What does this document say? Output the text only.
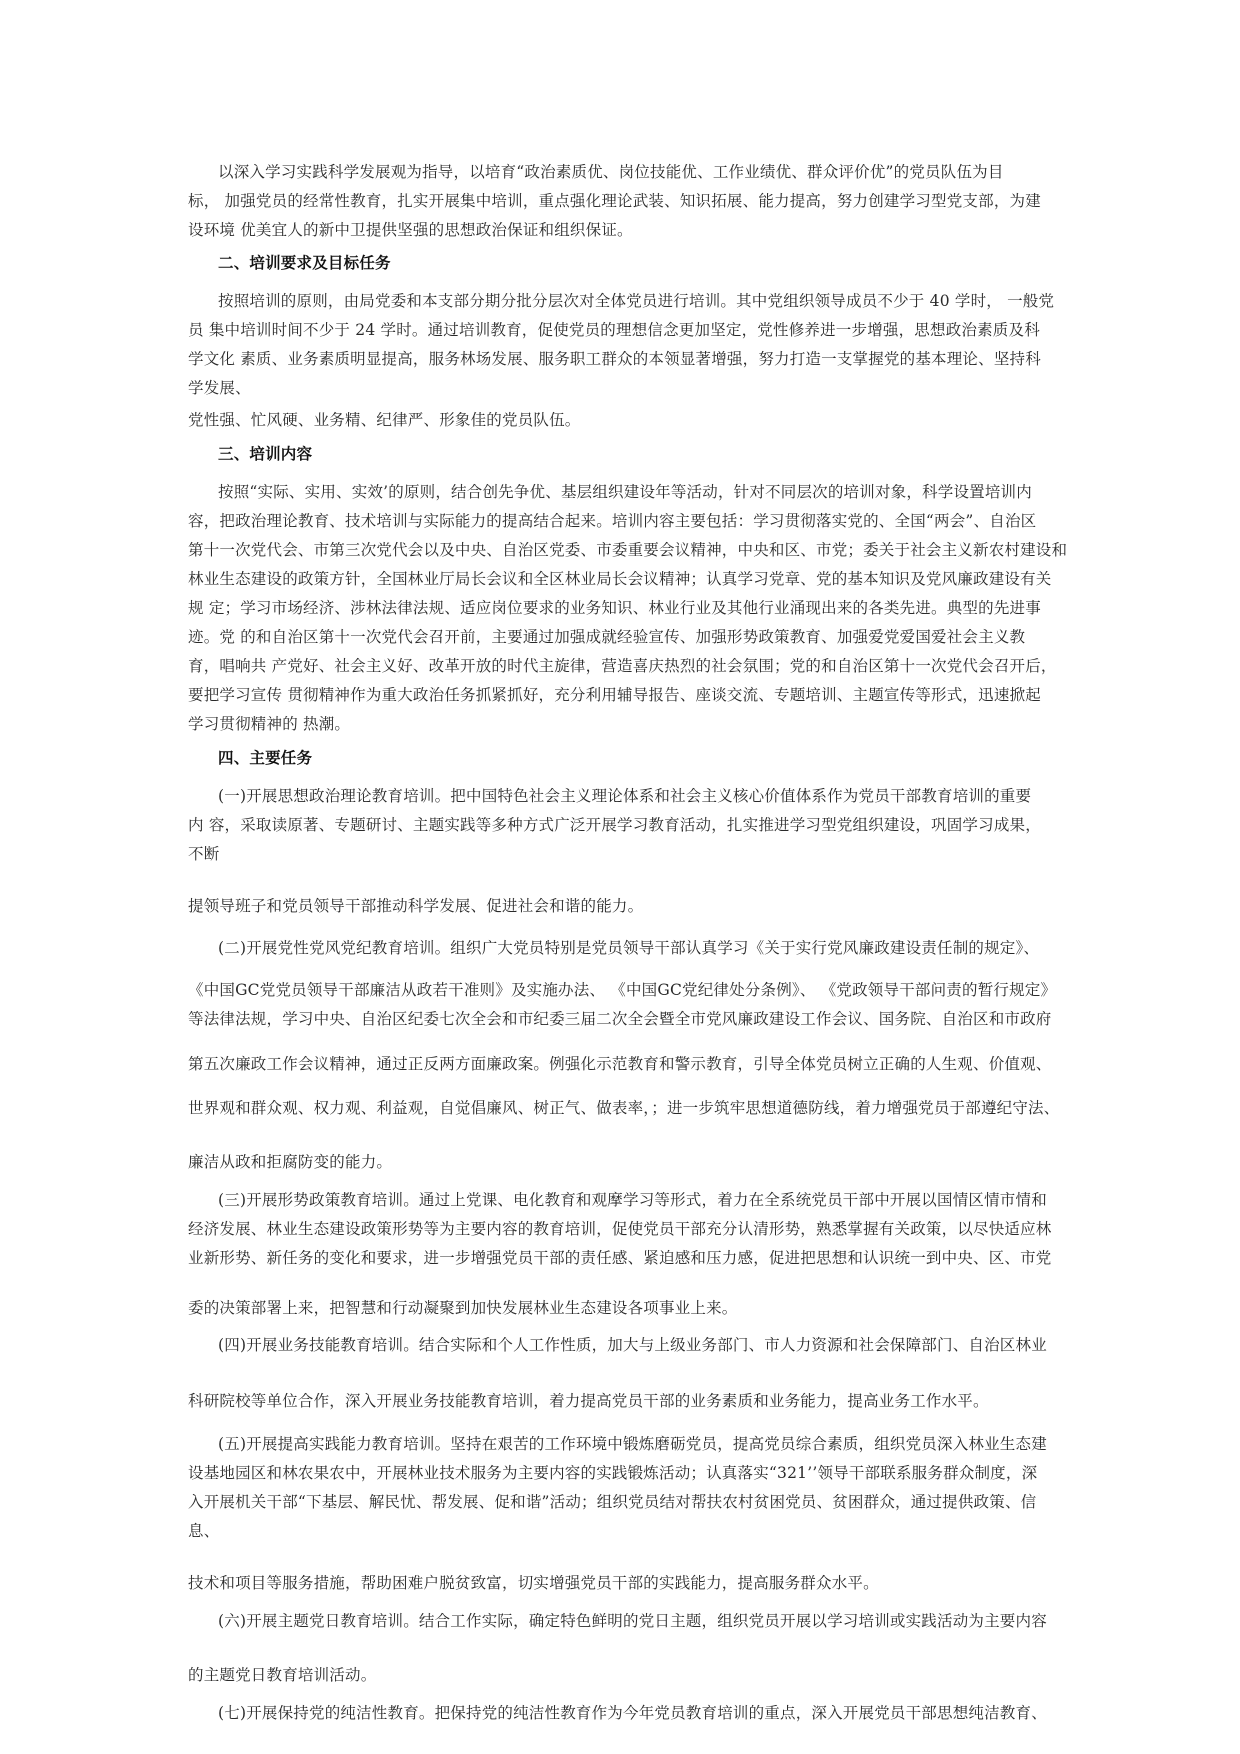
以深入学习实践科学发展观为指导，以培育“政治素质优、岗位技能优、工作业绩优、群众评价优”的党员队伍为目
标， 加强党员的经常性教育，扎实开展集中培训，重点强化理论武装、知识拓展、能力提高，努力创建学习型党支部，为建
设环境 优美宜人的新中卫提供坚强的思想政治保证和组织保证。
二、培训要求及目标任务
按照培训的原则，由局党委和本支部分期分批分层次对全体党员进行培训。其中党组织领导成员不少于 40 学时， 一般党
员 集中培训时间不少于 24 学时。通过培训教育，促使党员的理想信念更加坚定，党性修养进一步增强，思想政治素质及科
学文化 素质、业务素质明显提高，服务林场发展、服务职工群众的本领显著增强，努力打造一支掌握党的基本理论、坚持科
学发展、
党性强、忙风硬、业务精、纪律严、形象佳的党员队伍。
三、培训内容
按照“实际、实用、实效’的原则，结合创先争优、基层组织建设年等活动，针对不同层次的培训对象，科学设置培训内
容，把政治理论教育、技术培训与实际能力的提高结合起来。培训内容主要包括：学习贯彻落实党的、全国“两会”、自治区
第十一次党代会、市第三次党代会以及中央、自治区党委、市委重要会议精神，中央和区、市党；委关于社会主义新农村建设和
林业生态建设的政策方针，全国林业厅局长会议和全区林业局长会议精神；认真学习党章、党的基本知识及党风廉政建设有关
规 定；学习市场经济、涉林法律法规、适应岗位要求的业务知识、林业行业及其他行业涌现出来的各类先进。典型的先进事
迹。党 的和自治区第十一次党代会召开前，主要通过加强成就经验宣传、加强形势政策教育、加强爱党爱国爱社会主义教
育，唱响共 产党好、社会主义好、改革开放的时代主旋律，营造喜庆热烈的社会氛围；党的和自治区第十一次党代会召开后，
要把学习宣传 贯彻精神作为重大政治任务抓紧抓好，充分利用辅导报告、座谈交流、专题培训、主题宣传等形式，迅速掀起
学习贯彻精神的 热潮。
四、主要任务
(一)开展思想政治理论教育培训。把中国特色社会主义理论体系和社会主义核心价值体系作为党员干部教育培训的重要
内 容，采取读原著、专题研讨、主题实践等多种方式广泛开展学习教育活动，扎实推进学习型党组织建设，巩固学习成果，
不断
提领导班子和党员领导干部推动科学发展、促进社会和谐的能力。
(二)开展党性党风党纪教育培训。组织广大党员特别是党员领导干部认真学习《关于实行党风廉政建设责任制的规定》、
《中国GC党党员领导干部廉洁从政若干准则》及实施办法、 《中国GC党纪律处分条例》、 《党政领导干部问责的暂行规定》
等法律法规，学习中央、自治区纪委七次全会和市纪委三届二次全会暨全市党风廉政建设工作会议、国务院、自治区和市政府
第五次廉政工作会议精神，通过正反两方面廉政案。例强化示范教育和警示教育，引导全体党员树立正确的人生观、价值观、
世界观和群众观、权力观、利益观，自觉倡廉风、树正气、做表率，；进一步筑牢思想道德防线，着力增强党员于部遵纪守法、
廉洁从政和拒腐防变的能力。
(三)开展形势政策教育培训。通过上党课、电化教育和观摩学习等形式，着力在全系统党员干部中开展以国情区情市情和
经济发展、林业生态建设政策形势等为主要内容的教育培训，促使党员干部充分认清形势，熟悉掌握有关政策，以尽快适应林
业新形势、新任务的变化和要求，进一步增强党员干部的责任感、紧迫感和压力感，促进把思想和认识统一到中央、区、市党
委的决策部署上来，把智慧和行动凝聚到加快发展林业生态建设各项事业上来。
(四)开展业务技能教育培训。结合实际和个人工作性质，加大与上级业务部门、市人力资源和社会保障部门、自治区林业
科研院校等单位合作，深入开展业务技能教育培训，着力提高党员干部的业务素质和业务能力，提高业务工作水平。
(五)开展提高实践能力教育培训。坚持在艰苦的工作环境中锻炼磨砺党员，提高党员综合素质，组织党员深入林业生态建
设基地园区和林农果农中，开展林业技术服务为主要内容的实践锻炼活动；认真落实“321’’领导干部联系服务群众制度，深
入开展机关干部“下基层、解民忧、帮发展、促和谐”活动；组织党员结对帮扶农村贫困党员、贫困群众，通过提供政策、信
息、
技术和项目等服务措施，帮助困难户脱贫致富，切实增强党员干部的实践能力，提高服务群众水平。
(六)开展主题党日教育培训。结合工作实际，确定特色鲜明的党日主题，组织党员开展以学习培训或实践活动为主要内容
的主题党日教育培训活动。
(七)开展保持党的纯洁性教育。把保持党的纯洁性教育作为今年党员教育培训的重点，深入开展党员干部思想纯洁教育、
